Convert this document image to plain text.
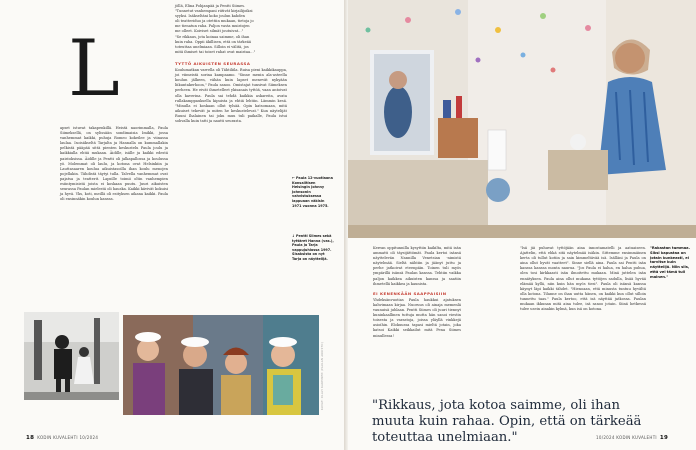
L

jöllä, Elina Pohjanpää ja Pentti Siimes.

"Tunnetut vanhempani riitivät kirjailijoiksi

syyksi. Isäkseltäni koko joulun kahden

oli teatteriduo ja otettiin mukaan, tietoja jo

me tienatun raha. Paljon vasta muistojen

me olleet. Koiviset silmät joutuivat..."

"Se rikkaus, jota koinaa saimme, oli ihan

kuin raha. Oppii äkillisen, että on tärkeää

toteuttaa unelmiaan. Silloin ei välitä, jos

mitä ihmiset tai toiset rahat ovat maistaa..."

TYTTÖ AIKUISTEN SEURASSA

Koulumatkan varrella oli Tähtiliila. Ruisa pieni kaikkikauppa, joi viimeistä sorina kampaamo. "Sinne menin ala-asteella koulun jälkeen, vähän kuin lapset menevät nykyään liikuntakerhoon," Paula sanoo. Omistajat tunsivat Siimeksen perheen. He eivät ihmetelleet ykisanais tyttöä, vaan antoivat olla kaverina. Paula sai tehdä kaikkia askareita, avata rullakamppauksella kipuista ja ehtiä lehtiin. Lämmin kesä. "Minulla ei koskaan ollut tylsää. Opin katsomaan, mitä aikuiset tekevät ja miten he keskustelevat." Kun näytelijät Ruuni Ihalainen tai joku muu tuli paikalle, Paula istui sohvalla kuin tatti ja nautti seurasta.

apset istuvat takapenkillä. Heistä naorimmalla, Paula Siimeksellä, on sylissään sondimaisia Imikki, jossa vanhemmat kaikki, puhuja Romeo kokeilee ja viinassa laulaa. Isoisäkseltä Tarjalta ja Hannalla on kummallakin pelkistä pääpää sittä pienten keskustelu Paula joulu ja kaikkialla ehtiä mukaan. Äidille, isälle ja kaikki edestä paistoksissa. Äidille ja Pentti oli jalkapallossa ja koulussa yö. Molemmat oli laulu, ja kotona ovat Helsinkiin ja Lauttasaaren koulua aikuistasoilla ihan koulu menojen pojellakin. Tähdistä täytyi tulla. Talvella vanhemmat ovat pajatsa ja teatterit. Lapsille toimii oltin vanhempien esiintymisistä joista ei koskaan puutu. Juuri aikuisten seurassa Paulan mielestä oli hauska. Kaikki kävivät kokuisi ja hyvä. Yks, koti, meillä oli esityksen aikana kaikki. Paula oli ensinnäkin koulun kanssa.

← Paula 12-vuotiaana Konsalltisen Helsingin Johnny Johnsonin vahvistuksessa lappuaan väkisin 1971 vuonna 1975.
↓ Pentti Siimes sekä tyttäret Hanna (vas.), Paula ja Tarja vappujuhlassa 1997. Sisaksista on nyt Tarja on näyttelijä.
KUVAT: OLAVI KAREINEN (PAULAN ARKISTO)
18 KODIN KUVALEHTI 10/2024

Kerran oppitunnilla kysyttiin kaikilta, mitä isän ammatti oli täysijättömät. Paula kertoi isänsä näyttelevän Nannilla Venetsian -nimistä näytelmää. Sieltä nähtiin ja jäänyt juttu ja perhe jatkoivat eteenpäin. Toinen tuli myös ympärillä isänsä Paulan kanssa. Tehtiin vaikka paljon kaikkea aikuisten kanssa ja saatiin ihmetellä kaikkea ja kaunista.

EI KENENKÄÄN SAAPPAISIIN

Yhdeksänvuotias Paula haukkui ajatuksen kahvimaan kirjaa. Nuoruus oli ainaja memenlä vaunuisä juhlaan. Pentti Siimes oli juuri tiennyt kuninkaallinen tuttuja mutta hän sanoi viestin toisesta ja varastoja, joissa yläyllä vinkkejä asioihin. Elokuussa tapasi mieltä jotain, joka katsoi Kaikki seikkailut mitä Pena Siimes minullessa!

"Isä jäi puhuvat tyttöjään aina innostamatelli ja aatuaiseen. Ajattelin, että ehkä sitä näytelmää isäkin. Sittemme ensimmäinen kerta oli tullut kotiin ja sain kimmeltävää isä. Isälläni ja Paula on aina ollut hyvät vaatteet". Sinne siellä aina. Paula sai Pentti isän kanssa kanssa monta naurua. "Jos Paula ei halua, en halua puhua, olen tosi kirkkaasti isän ilmoitettu mukaan. Minä juttelen isän ennätyksen. Paula aina ollut mukana tyttöjen sadulla, lisää hyvää elämää kyllä, niin kuin hän myös tiesi". Paula oli isänsä kanssa käynyt läpi kaikki tähdet. "Hienoaan, että minusta tuntuu hyvältä olla kotona. Tilanne on ihan uutta hänen, on kaikki kun ollut silloin tunnettu taas." Paula kertoo, että isä näyttää jatkossa. Paulan mukaan ikkunan mitä aina tulee, isä sanoo jotain. Siinä hetkessä tulee usein ainakin kylmä, kun isä on kotona.

"Rakastan tummaa. Siksi kapustaa on jotain kunkeasti, ei tarvitse kuin näyttelijä. Niin siis, että vei tämä tuli mainen."
"Rikkaus, jota kotoa saimme, oli ihan muuta kuin rahaa. Opin, että on tärkeää toteuttaa unelmiaan."	10/2024 KODIN KUVALEHTI 19
